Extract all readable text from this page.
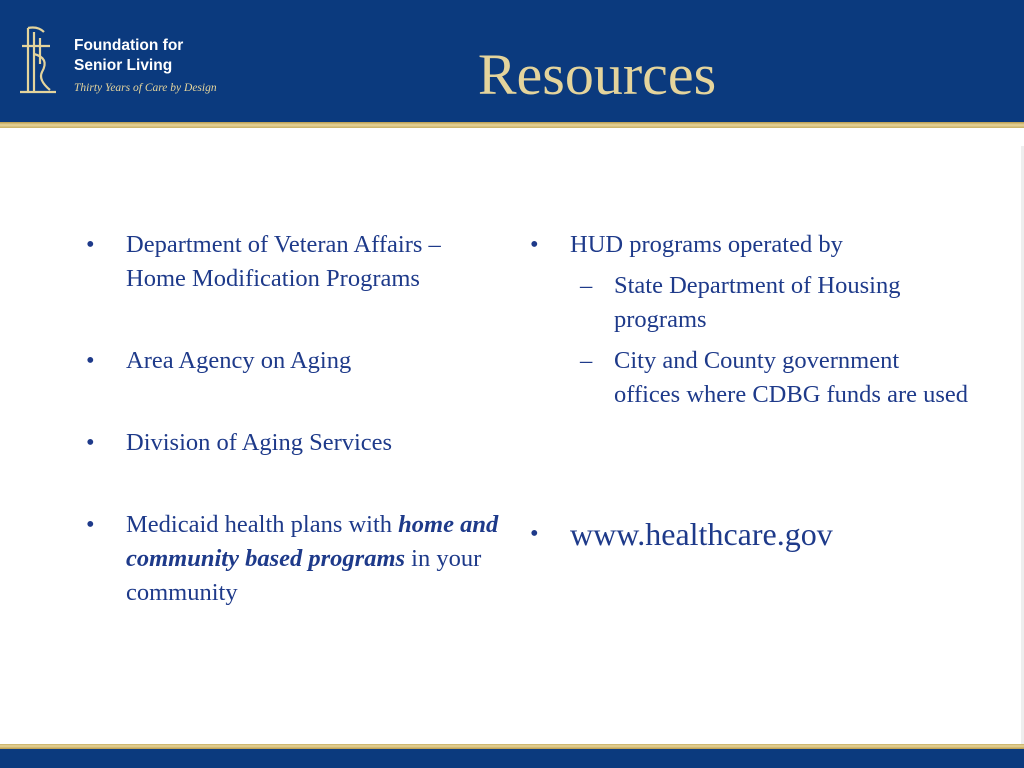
Foundation for
Senior Living
Thirty Years of Care by Design	Resources
• Department of Veteran Affairs – Home Modification Programs
• Area Agency on Aging
• Division of Aging Services
• Medicaid health plans with home and community based programs in your community
• HUD programs operated by
– State Department of Housing programs
– City and County government offices where CDBG funds are used
• www.healthcare.gov
